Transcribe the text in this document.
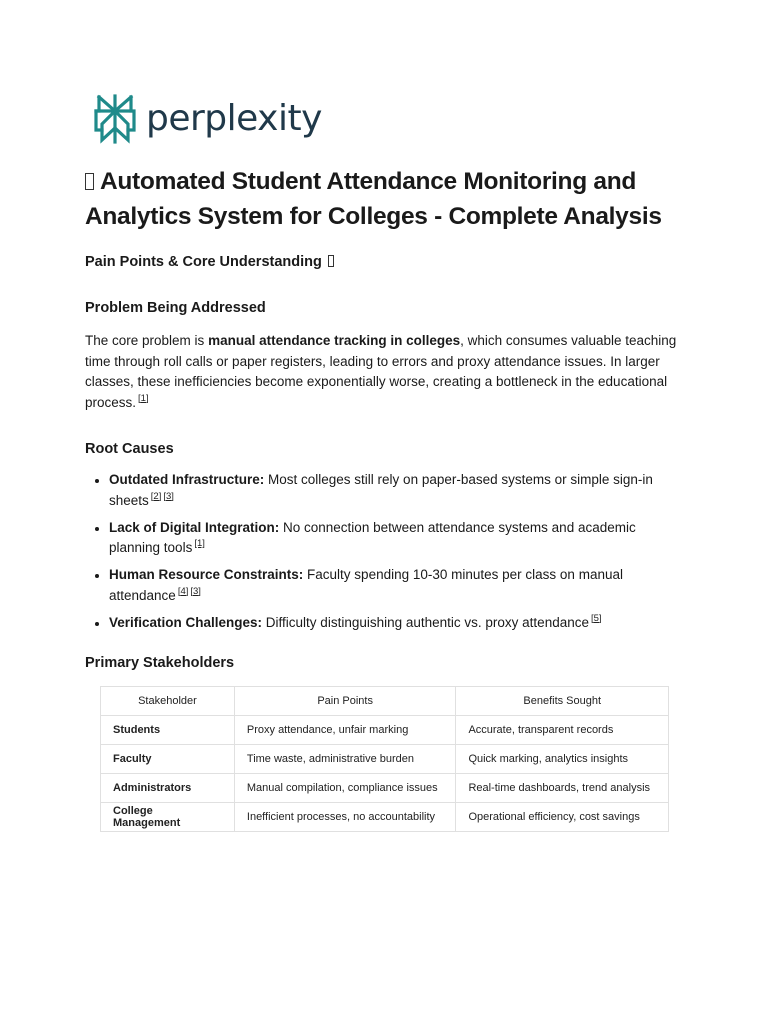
perplexity
Automated Student Attendance Monitoring and Analytics System for Colleges - Complete Analysis
Pain Points & Core Understanding
Problem Being Addressed

The core problem is manual attendance tracking in colleges, which consumes valuable teaching time through roll calls or paper registers, leading to errors and proxy attendance issues. In larger classes, these inefficiencies become exponentially worse, creating a bottleneck in the educational process. [1]

Root Causes
• Outdated Infrastructure: Most colleges still rely on paper-based systems or simple sign-in sheets [2] [3]
• Lack of Digital Integration: No connection between attendance systems and academic planning tools [1]
• Human Resource Constraints: Faculty spending 10-30 minutes per class on manual attendance [4] [3]
• Verification Challenges: Difficulty distinguishing authentic vs. proxy attendance [5]
Primary Stakeholders
Stakeholder	Pain Points	Benefits Sought
Students	Proxy attendance, unfair marking	Accurate, transparent records
Faculty	Time waste, administrative burden	Quick marking, analytics insights
Administrators	Manual compilation, compliance issues	Real-time dashboards, trend analysis
College Management	Inefficient processes, no accountability	Operational efficiency, cost savings
